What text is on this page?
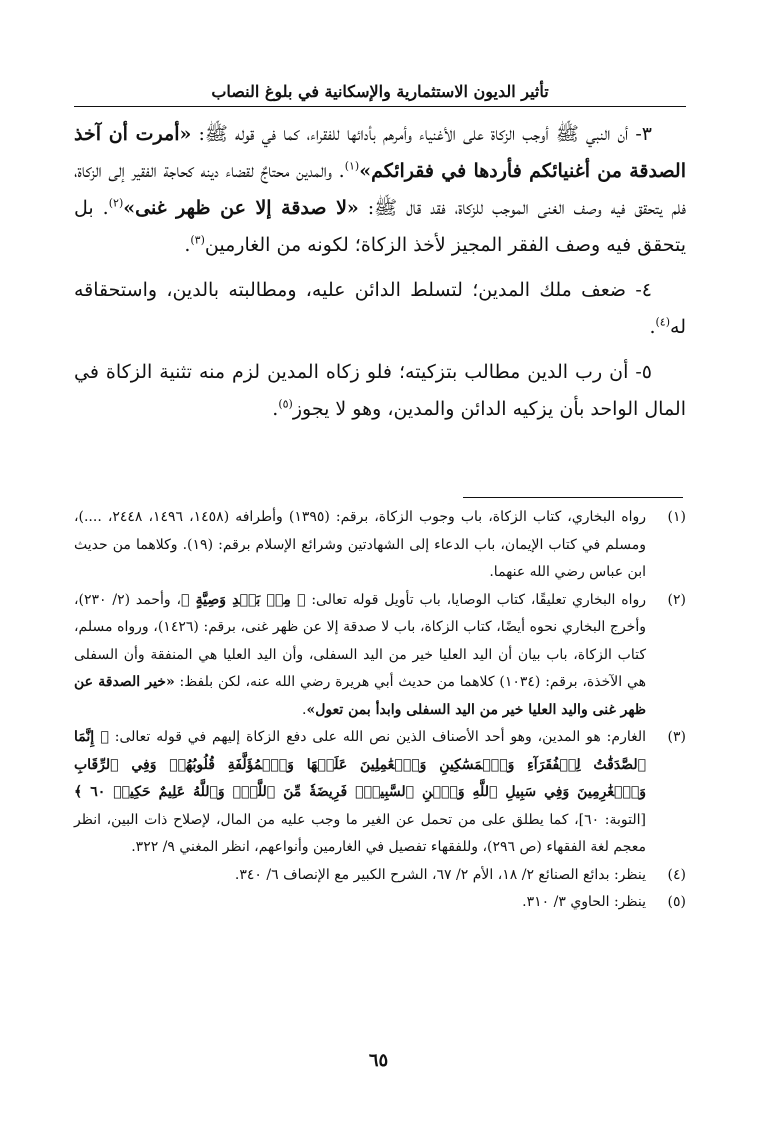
تأثير الديون الاستثمارية والإسكانية في بلوغ النصاب

٣- أن النبي ﷺ أوجب الزكاة على الأغنياء وأمرهم بأدائها للفقراء، كما في قوله ﷺ: «أمرت أن آخذ الصدقة من أغنيائكم فأردها في فقرائكم»$^{(١)}$. والمدين محتاجٌ لقضاء دينه كحاجة الفقير إلى الزكاة، فلم يتحقق فيه وصف الغنى الموجب للزكاة، فقد قال ﷺ: «لا صدقة إلا عن ظهر غنى»$^{(٢)}$. بل يتحقق فيه وصف الفقر المجيز لأخذ الزكاة؛ لكونه من الغارمين$^{(٣)}$.

٤- ضعف ملك المدين؛ لتسلط الدائن عليه، ومطالبته بالدين، واستحقاقه له$^{(٤)}$.

٥- أن رب الدين مطالب بتزكيته؛ فلو زكاه المدين لزم منه تثنية الزكاة في المال الواحد بأن يزكيه الدائن والمدين، وهو لا يجوز$^{(٥)}$.

(١)
رواه البخاري، كتاب الزكاة، باب وجوب الزكاة، برقم: (١٣٩٥) وأطرافه (١٤٥٨، ١٤٩٦، ٢٤٤٨، ....)، ومسلم في كتاب الإيمان، باب الدعاء إلى الشهادتين وشرائع الإسلام برقم: (١٩). وكلاهما من حديث ابن عباس رضي الله عنهما.
(٢)
رواه البخاري تعليقًا، كتاب الوصايا، باب تأويل قوله تعالى: ﴿ مِنۢ بَعۡدِ وَصِيَّةٍ ﴾، وأحمد (٢/ ٢٣٠)، وأخرج البخاري نحوه أيضًا، كتاب الزكاة، باب لا صدقة إلا عن ظهر غنى، برقم: (١٤٢٦)، ورواه مسلم، كتاب الزكاة، باب بيان أن اليد العليا خير من اليد السفلى، وأن اليد العليا هي المنفقة وأن السفلى هي الآخذة، برقم: (١٠٣٤) كلاهما من حديث أبي هريرة رضي الله عنه، لكن بلفظ: «خير الصدقة عن ظهر غنى واليد العليا خير من اليد السفلى وابدأ بمن تعول».
(٣)
الغارم: هو المدين، وهو أحد الأصناف الذين نص الله على دفع الزكاة إليهم في قوله تعالى: ﴿ إِنَّمَا ٱلصَّدَقَٰتُ لِلۡفُقَرَآءِ وَٱلۡمَسَٰكِينِ وَٱلۡعَٰمِلِينَ عَلَيۡهَا وَٱلۡمُؤَلَّفَةِ قُلُوبُهُمۡ وَفِي ٱلرِّقَابِ وَٱلۡغَٰرِمِينَ وَفِي سَبِيلِ ٱللَّهِ وَٱبۡنِ ٱلسَّبِيلِۖ فَرِيضَةٗ مِّنَ ٱللَّهِۗ وَٱللَّهُ عَلِيمٌ حَكِيمٞ ٦٠ ﴾ [التوبة: ٦٠]، كما يطلق على من تحمل عن الغير ما وجب عليه من المال، لإصلاح ذات البين، انظر معجم لغة الفقهاء (ص ٢٩٦)، وللفقهاء تفصيل في الغارمين وأنواعهم، انظر المغني ٩/ ٣٢٢.
(٤)
ينظر: بدائع الصنائع ٢/ ١٨، الأم ٢/ ٦٧، الشرح الكبير مع الإنصاف ٦/ ٣٤٠.
(٥)
ينظر: الحاوي ٣/ ٣١٠.
٦٥
